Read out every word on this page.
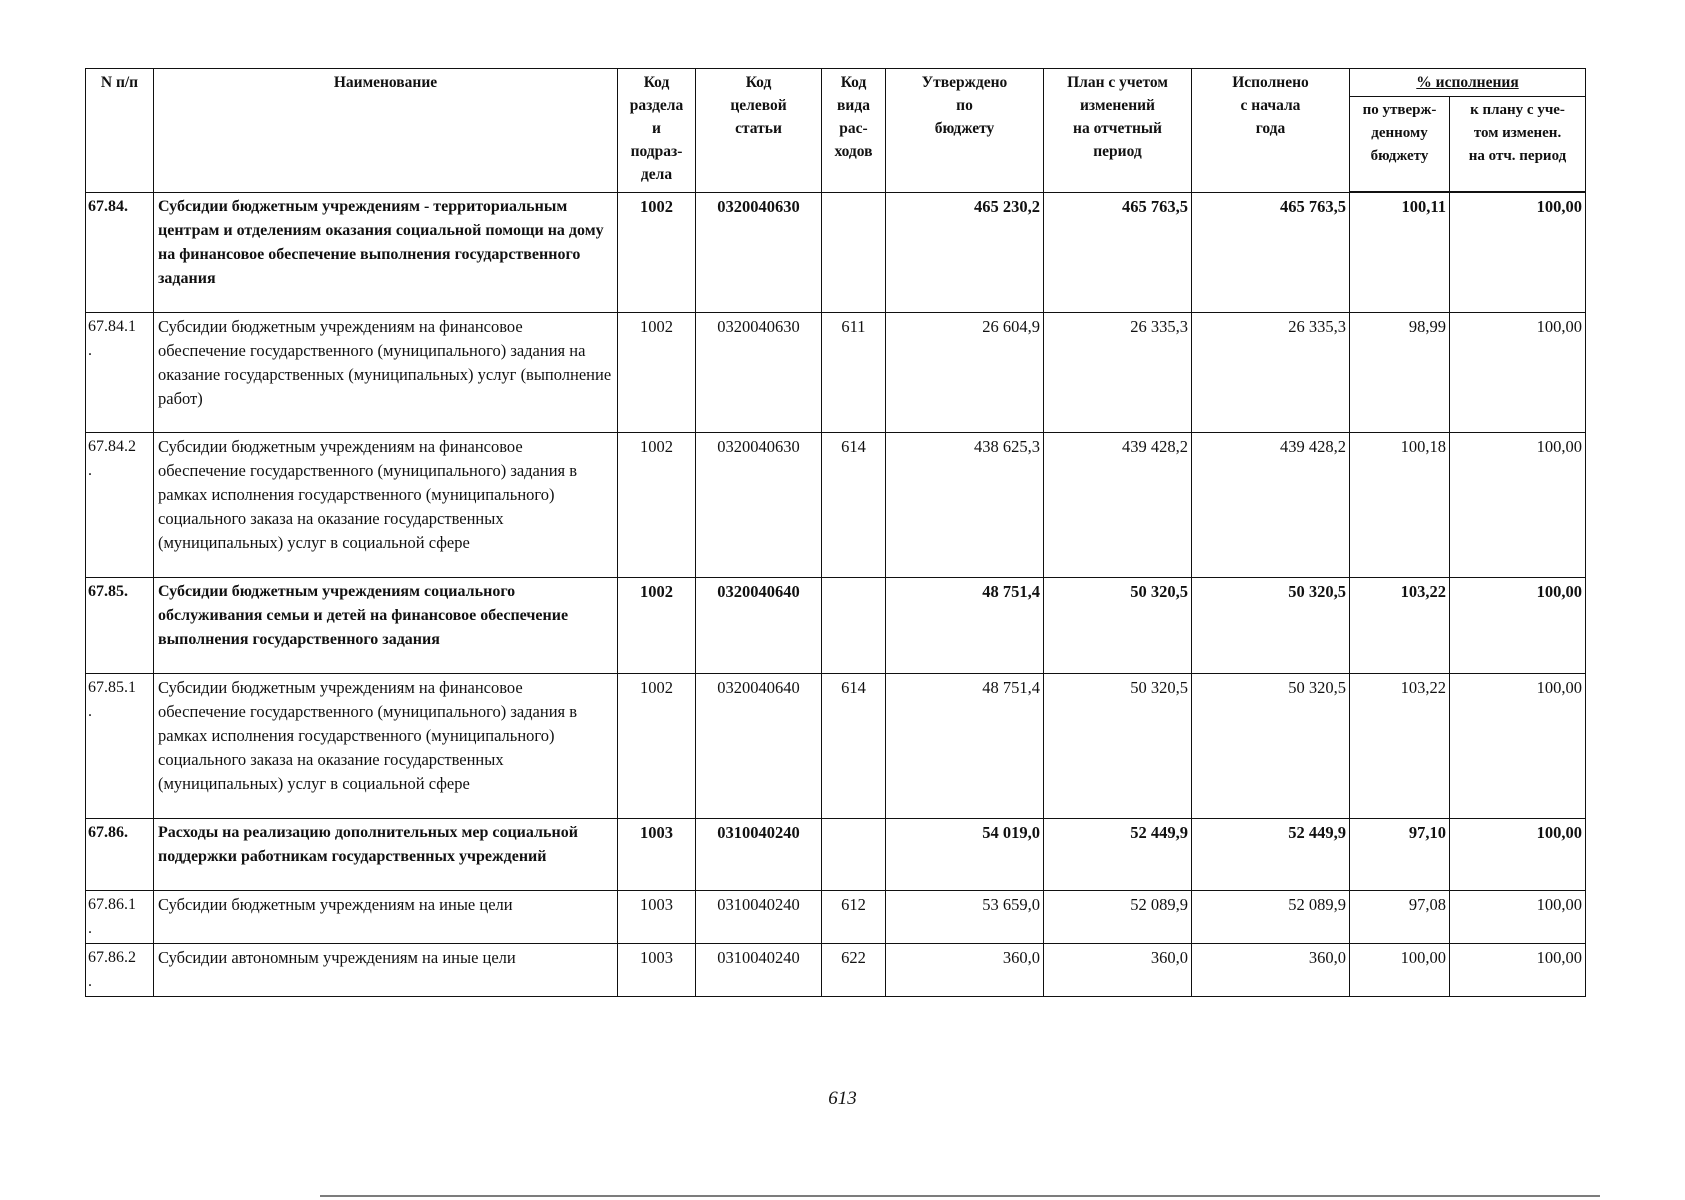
N п/п	Наименование	Код
раздела
и
подраз-
дела	Код
целевой
статьи	Код
вида
рас-
ходов	Утверждено
по
бюджету	План с учетом
изменений
на отчетный
период	Исполнено
с начала
года	% исполнения	
								по утверж-
денному
бюджету	к плану с уче-
том изменен.
на отч. период
67.84.	Субсидии бюджетным учреждениям - территориальным центрам и отделениям оказания социальной помощи на дому на финансовое обеспечение выполнения государственного задания	1002	0320040630		465 230,2	465 763,5	465 763,5	100,11	100,00
67.84.1
.	Субсидии бюджетным учреждениям на финансовое обеспечение государственного (муниципального) задания на оказание государственных (муниципальных) услуг (выполнение работ)	1002	0320040630	611	26 604,9	26 335,3	26 335,3	98,99	100,00
67.84.2
.	Субсидии бюджетным учреждениям на финансовое обеспечение государственного (муниципального) задания в рамках исполнения государственного (муниципального) социального заказа на оказание государственных (муниципальных) услуг в социальной сфере	1002	0320040630	614	438 625,3	439 428,2	439 428,2	100,18	100,00
67.85.	Субсидии бюджетным учреждениям социального обслуживания семьи и детей на финансовое обеспечение выполнения государственного задания	1002	0320040640		48 751,4	50 320,5	50 320,5	103,22	100,00
67.85.1
.	Субсидии бюджетным учреждениям на финансовое обеспечение государственного (муниципального) задания в рамках исполнения государственного (муниципального) социального заказа на оказание государственных (муниципальных) услуг в социальной сфере	1002	0320040640	614	48 751,4	50 320,5	50 320,5	103,22	100,00
67.86.	Расходы на реализацию дополнительных мер социальной поддержки работникам государственных учреждений	1003	0310040240		54 019,0	52 449,9	52 449,9	97,10	100,00
67.86.1
.	Субсидии бюджетным учреждениям на иные цели	1003	0310040240	612	53 659,0	52 089,9	52 089,9	97,08	100,00
67.86.2
.	Субсидии автономным учреждениям на иные цели	1003	0310040240	622	360,0	360,0	360,0	100,00	100,00
613
